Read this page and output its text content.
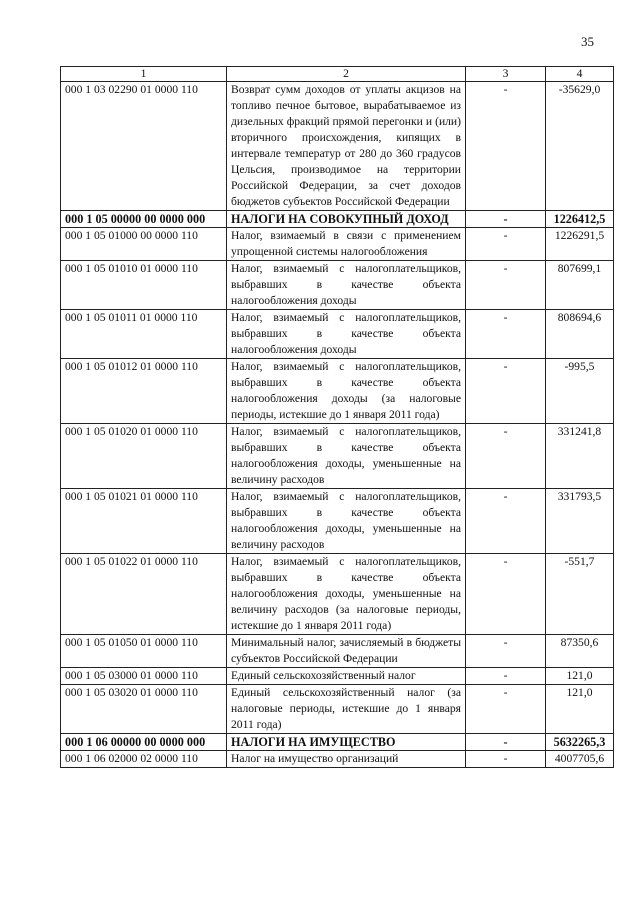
35
1	2	3	4
000 1 03 02290 01 0000 110	Возврат сумм доходов от уплаты акцизов на топливо печное бытовое, вырабатываемое из дизельных фракций прямой перегонки и (или) вторичного происхождения, кипящих в интервале температур от 280 до 360 градусов Цельсия, производимое на территории Российской Федерации, за счет доходов бюджетов субъектов Российской Федерации	-	-35629,0
000 1 05 00000 00 0000 000	НАЛОГИ НА СОВОКУПНЫЙ ДОХОД	-	1226412,5
000 1 05 01000 00 0000 110	Налог, взимаемый в связи с применением упрощенной системы налогообложения	-	1226291,5
000 1 05 01010 01 0000 110	Налог, взимаемый с налогоплательщиков, выбравших в качестве объекта налогообложения доходы	-	807699,1
000 1 05 01011 01 0000 110	Налог, взимаемый с налогоплательщиков, выбравших в качестве объекта налогообложения доходы	-	808694,6
000 1 05 01012 01 0000 110	Налог, взимаемый с налогоплательщиков, выбравших в качестве объекта налогообложения доходы (за налоговые периоды, истекшие до 1 января 2011 года)	-	-995,5
000 1 05 01020 01 0000 110	Налог, взимаемый с налогоплательщиков, выбравших в качестве объекта налогообложения доходы, уменьшенные на величину расходов	-	331241,8
000 1 05 01021 01 0000 110	Налог, взимаемый с налогоплательщиков, выбравших в качестве объекта налогообложения доходы, уменьшенные на величину расходов	-	331793,5
000 1 05 01022 01 0000 110	Налог, взимаемый с налогоплательщиков, выбравших в качестве объекта налогообложения доходы, уменьшенные на величину расходов (за налоговые периоды, истекшие до 1 января 2011 года)	-	-551,7
000 1 05 01050 01 0000 110	Минимальный налог, зачисляемый в бюджеты субъектов Российской Федерации	-	87350,6
000 1 05 03000 01 0000 110	Единый сельскохозяйственный налог	-	121,0
000 1 05 03020 01 0000 110	Единый сельскохозяйственный налог (за налоговые периоды, истекшие до 1 января 2011 года)	-	121,0
000 1 06 00000 00 0000 000	НАЛОГИ НА ИМУЩЕСТВО	-	5632265,3
000 1 06 02000 02 0000 110	Налог на имущество организаций	-	4007705,6
